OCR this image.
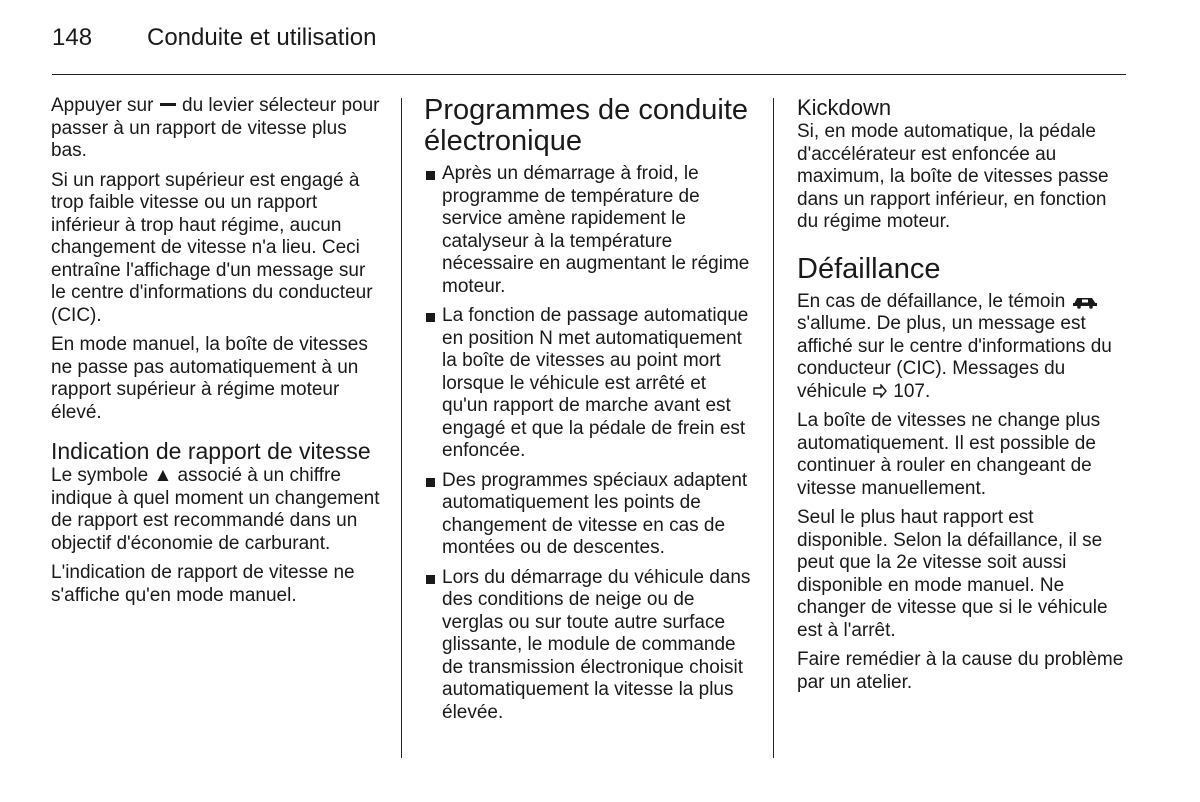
148	Conduite et utilisation

Appuyer sur du levier sélecteur pour passer à un rapport de vitesse plus bas.

Si un rapport supérieur est engagé à trop faible vitesse ou un rapport inférieur à trop haut régime, aucun changement de vitesse n'a lieu. Ceci entraîne l'affichage d'un message sur le centre d'informations du conducteur (CIC).

En mode manuel, la boîte de vitesses ne passe pas automatiquement à un rapport supérieur à régime moteur élevé.

Indication de rapport de vitesse

Le symbole ▲ associé à un chiffre indique à quel moment un changement de rapport est recommandé dans un objectif d'économie de carburant.

L'indication de rapport de vitesse ne s'affiche qu'en mode manuel.

Programmes de conduite électronique
Après un démarrage à froid, le programme de température de service amène rapidement le catalyseur à la température nécessaire en augmentant le régime moteur.
La fonction de passage automatique en position N met automatiquement la boîte de vitesses au point mort lorsque le véhicule est arrêté et qu'un rapport de marche avant est engagé et que la pédale de frein est enfoncée.
Des programmes spéciaux adaptent automatiquement les points de changement de vitesse en cas de montées ou de descentes.
Lors du démarrage du véhicule dans des conditions de neige ou de verglas ou sur toute autre surface glissante, le module de commande de transmission électronique choisit automatiquement la vitesse la plus élevée.
Kickdown

Si, en mode automatique, la pédale d'accélérateur est enfoncée au maximum, la boîte de vitesses passe dans un rapport inférieur, en fonction du régime moteur.

Défaillance

En cas de défaillance, le témoin  s'allume. De plus, un message est affiché sur le centre d'informations du conducteur (CIC). Messages du véhicule 107.

La boîte de vitesses ne change plus automatiquement. Il est possible de continuer à rouler en changeant de vitesse manuellement.

Seul le plus haut rapport est disponible. Selon la défaillance, il se peut que la 2e vitesse soit aussi disponible en mode manuel. Ne changer de vitesse que si le véhicule est à l'arrêt.

Faire remédier à la cause du problème par un atelier.
